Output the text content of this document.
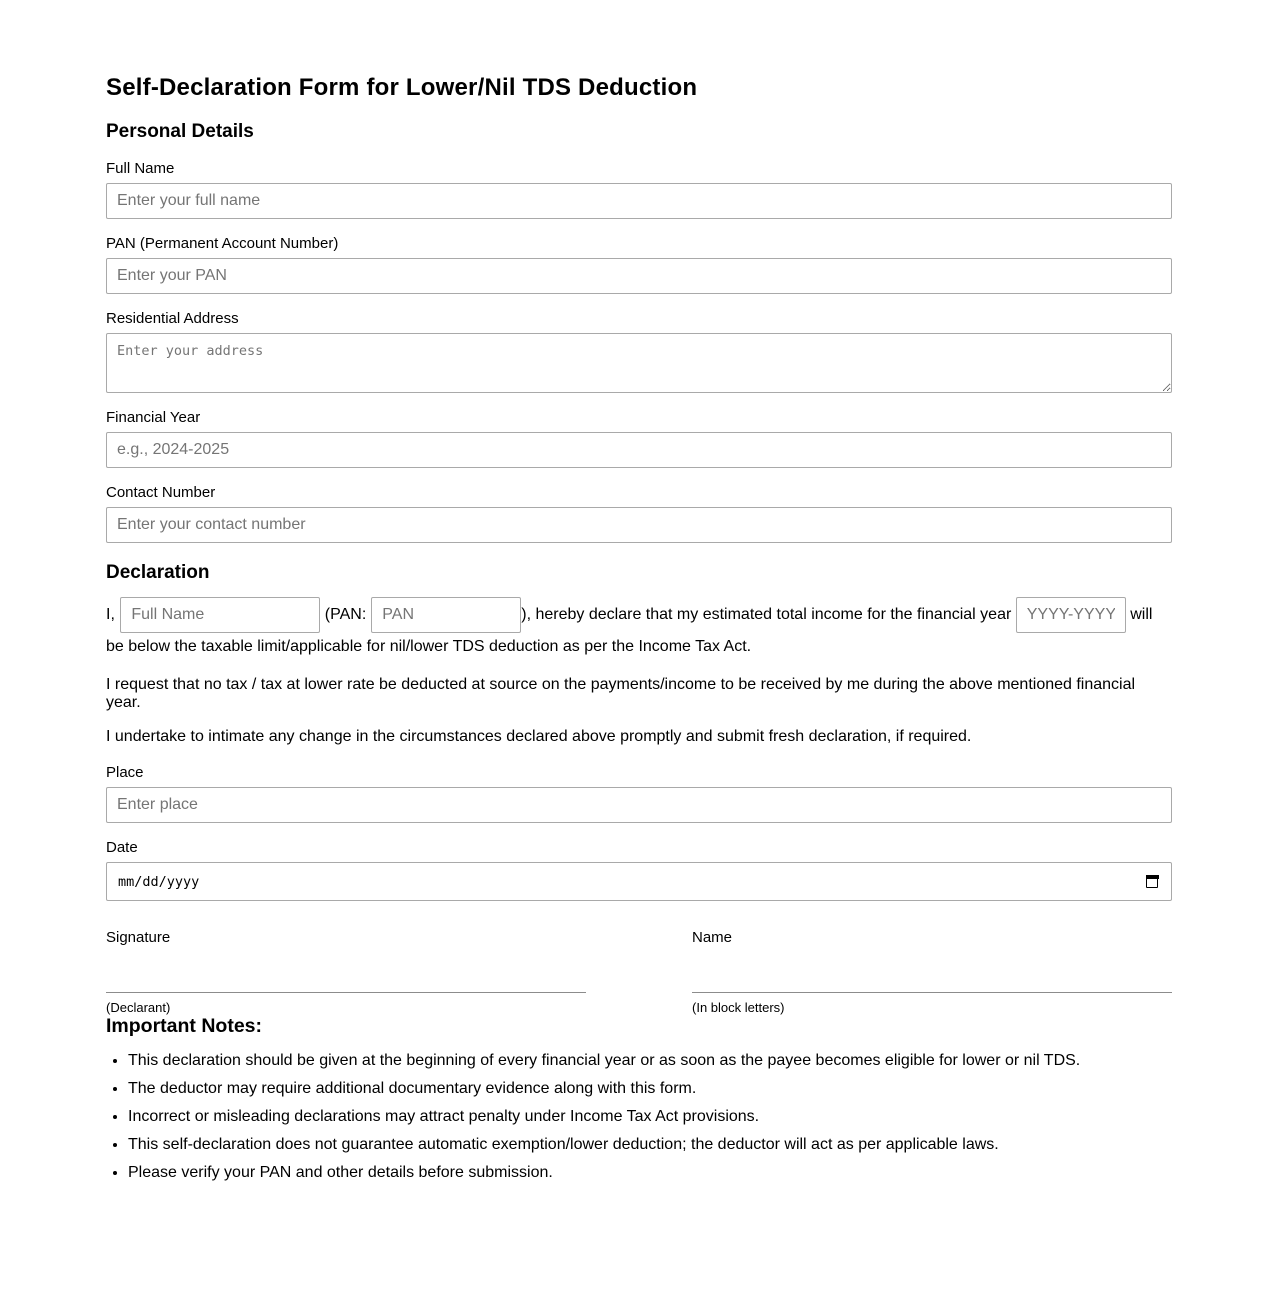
Self-Declaration Form for Lower/Nil TDS Deduction
Personal Details
Full Name
Enter your full name
PAN (Permanent Account Number)
Enter your PAN
Residential Address
Enter your address
Financial Year
e.g., 2024-2025
Contact Number
Enter your contact number
Declaration
I, Full Name	(PAN:PAN	), hereby declare that my estimated total income for the financial year YYYY-YYYY	will be below the taxable limit/applicable for nil/lower TDS deduction as per the Income Tax Act.

I request that no tax / tax at lower rate be deducted at source on the payments/income to be received by me during the above mentioned financial year.

I undertake to intimate any change in the circumstances declared above promptly and submit fresh declaration, if required.

Place
Enter place
Date
mm/dd/yyyy
Signature
(Declarant)
Name
(In block letters)
Important Notes:
• This declaration should be given at the beginning of every financial year or as soon as the payee becomes eligible for lower or nil TDS.
• The deductor may require additional documentary evidence along with this form.
• Incorrect or misleading declarations may attract penalty under Income Tax Act provisions.
• This self-declaration does not guarantee automatic exemption/lower deduction; the deductor will act as per applicable laws.
• Please verify your PAN and other details before submission.
